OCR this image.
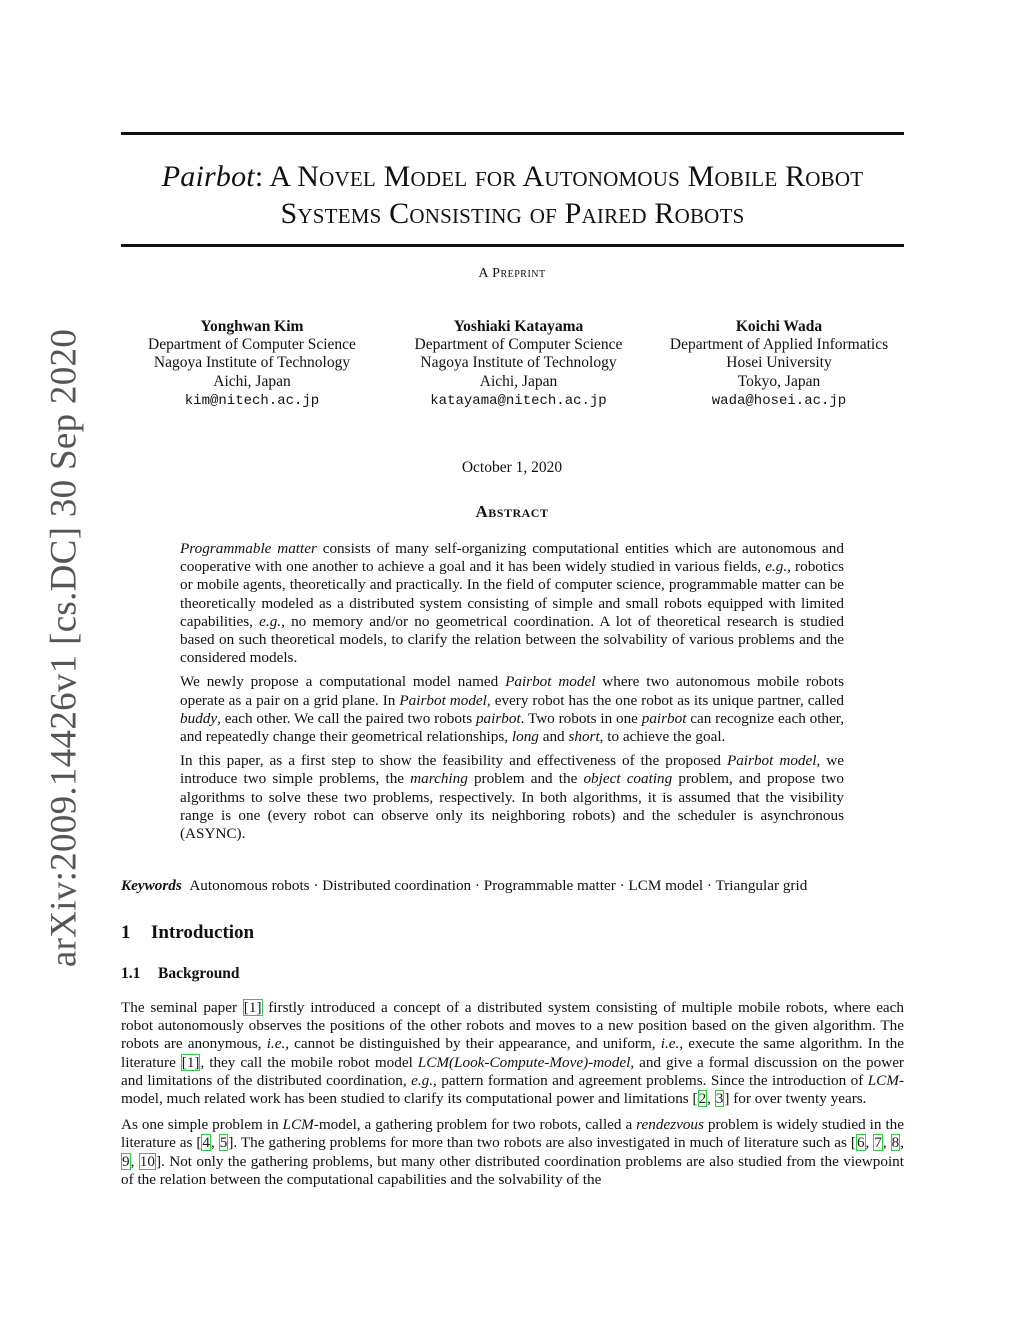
arXiv:2009.14426v1 [cs.DC] 30 Sep 2020
Pairbot: A Novel Model for Autonomous Mobile Robot
Systems Consisting of Paired Robots
A Preprint
Yonghwan Kim
Department of Computer Science
Nagoya Institute of Technology
Aichi, Japan
kim@nitech.ac.jp
Yoshiaki Katayama
Department of Computer Science
Nagoya Institute of Technology
Aichi, Japan
katayama@nitech.ac.jp
Koichi Wada
Department of Applied Informatics
Hosei University
Tokyo, Japan
wada@hosei.ac.jp
October 1, 2020
Abstract

Programmable matter consists of many self-organizing computational entities which are autonomous and cooperative with one another to achieve a goal and it has been widely studied in various fields, e.g., robotics or mobile agents, theoretically and practically. In the field of computer science, programmable matter can be theoretically modeled as a distributed system consisting of simple and small robots equipped with limited capabilities, e.g., no memory and/or no geometrical coordination. A lot of theoretical research is studied based on such theoretical models, to clarify the relation between the solvability of various problems and the considered models.

We newly propose a computational model named Pairbot model where two autonomous mobile robots operate as a pair on a grid plane. In Pairbot model, every robot has the one robot as its unique partner, called buddy, each other. We call the paired two robots pairbot. Two robots in one pairbot can recognize each other, and repeatedly change their geometrical relationships, long and short, to achieve the goal.

In this paper, as a first step to show the feasibility and effectiveness of the proposed Pairbot model, we introduce two simple problems, the marching problem and the object coating problem, and propose two algorithms to solve these two problems, respectively. In both algorithms, it is assumed that the visibility range is one (every robot can observe only its neighboring robots) and the scheduler is asynchronous (ASYNC).

Keywords Autonomous robots · Distributed coordination · Programmable matter · LCM model · Triangular grid
1 Introduction
1.1 Background

The seminal paper [1] firstly introduced a concept of a distributed system consisting of multiple mobile robots, where each robot autonomously observes the positions of the other robots and moves to a new position based on the given algorithm. The robots are anonymous, i.e., cannot be distinguished by their appearance, and uniform, i.e., execute the same algorithm. In the literature [1], they call the mobile robot model LCM(Look-Compute-Move)-model, and give a formal discussion on the power and limitations of the distributed coordination, e.g., pattern formation and agreement problems. Since the introduction of LCM-model, much related work has been studied to clarify its computational power and limitations [2, 3] for over twenty years.

As one simple problem in LCM-model, a gathering problem for two robots, called a rendezvous problem is widely studied in the literature as [4, 5]. The gathering problems for more than two robots are also investigated in much of literature such as [6, 7, 8, 9, 10]. Not only the gathering problems, but many other distributed coordination problems are also studied from the viewpoint of the relation between the computational capabilities and the solvability of the
